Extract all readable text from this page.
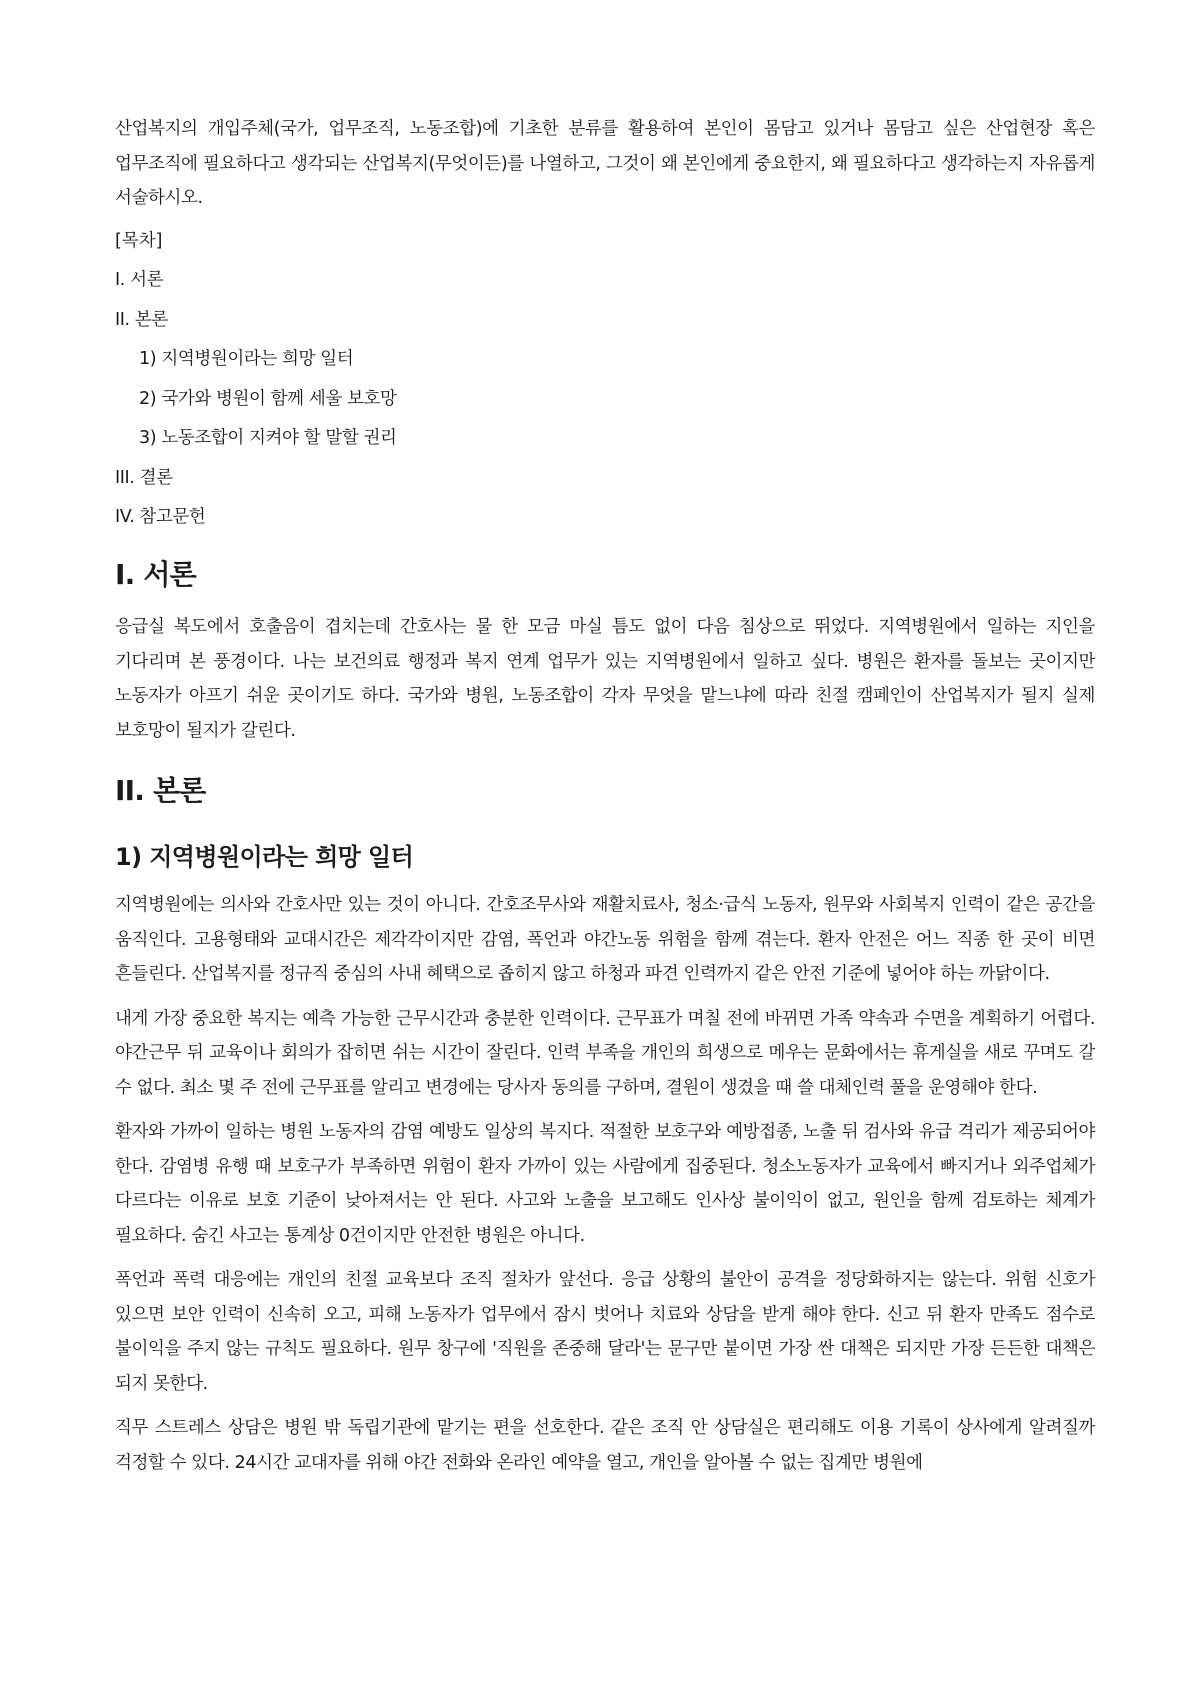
산업복지의 개입주체(국가, 업무조직, 노동조합)에 기초한 분류를 활용하여 본인이 몸담고 있거나 몸담고 싶은 산업현장 혹은 업무조직에 필요하다고 생각되는 산업복지(무엇이든)를 나열하고, 그것이 왜 본인에게 중요한지, 왜 필요하다고 생각하는지 자유롭게 서술하시오.

[목차]
I. 서론
II. 본론
1) 지역병원이라는 희망 일터
2) 국가와 병원이 함께 세울 보호망
3) 노동조합이 지켜야 할 말할 권리
III. 결론
IV. 참고문헌
I. 서론

응급실 복도에서 호출음이 겹치는데 간호사는 물 한 모금 마실 틈도 없이 다음 침상으로 뛰었다. 지역병원에서 일하는 지인을 기다리며 본 풍경이다. 나는 보건의료 행정과 복지 연계 업무가 있는 지역병원에서 일하고 싶다. 병원은 환자를 돌보는 곳이지만 노동자가 아프기 쉬운 곳이기도 하다. 국가와 병원, 노동조합이 각자 무엇을 맡느냐에 따라 친절 캠페인이 산업복지가 될지 실제 보호망이 될지가 갈린다.

II. 본론
1) 지역병원이라는 희망 일터

지역병원에는 의사와 간호사만 있는 것이 아니다. 간호조무사와 재활치료사, 청소·급식 노동자, 원무와 사회복지 인력이 같은 공간을 움직인다. 고용형태와 교대시간은 제각각이지만 감염, 폭언과 야간노동 위험을 함께 겪는다. 환자 안전은 어느 직종 한 곳이 비면 흔들린다. 산업복지를 정규직 중심의 사내 혜택으로 좁히지 않고 하청과 파견 인력까지 같은 안전 기준에 넣어야 하는 까닭이다.

내게 가장 중요한 복지는 예측 가능한 근무시간과 충분한 인력이다. 근무표가 며칠 전에 바뀌면 가족 약속과 수면을 계획하기 어렵다. 야간근무 뒤 교육이나 회의가 잡히면 쉬는 시간이 잘린다. 인력 부족을 개인의 희생으로 메우는 문화에서는 휴게실을 새로 꾸며도 갈 수 없다. 최소 몇 주 전에 근무표를 알리고 변경에는 당사자 동의를 구하며, 결원이 생겼을 때 쓸 대체인력 풀을 운영해야 한다.

환자와 가까이 일하는 병원 노동자의 감염 예방도 일상의 복지다. 적절한 보호구와 예방접종, 노출 뒤 검사와 유급 격리가 제공되어야 한다. 감염병 유행 때 보호구가 부족하면 위험이 환자 가까이 있는 사람에게 집중된다. 청소노동자가 교육에서 빠지거나 외주업체가 다르다는 이유로 보호 기준이 낮아져서는 안 된다. 사고와 노출을 보고해도 인사상 불이익이 없고, 원인을 함께 검토하는 체계가 필요하다. 숨긴 사고는 통계상 0건이지만 안전한 병원은 아니다.

폭언과 폭력 대응에는 개인의 친절 교육보다 조직 절차가 앞선다. 응급 상황의 불안이 공격을 정당화하지는 않는다. 위험 신호가 있으면 보안 인력이 신속히 오고, 피해 노동자가 업무에서 잠시 벗어나 치료와 상담을 받게 해야 한다. 신고 뒤 환자 만족도 점수로 불이익을 주지 않는 규칙도 필요하다. 원무 창구에 '직원을 존중해 달라'는 문구만 붙이면 가장 싼 대책은 되지만 가장 든든한 대책은 되지 못한다.

직무 스트레스 상담은 병원 밖 독립기관에 맡기는 편을 선호한다. 같은 조직 안 상담실은 편리해도 이용 기록이 상사에게 알려질까 걱정할 수 있다. 24시간 교대자를 위해 야간 전화와 온라인 예약을 열고, 개인을 알아볼 수 없는 집계만 병원에
